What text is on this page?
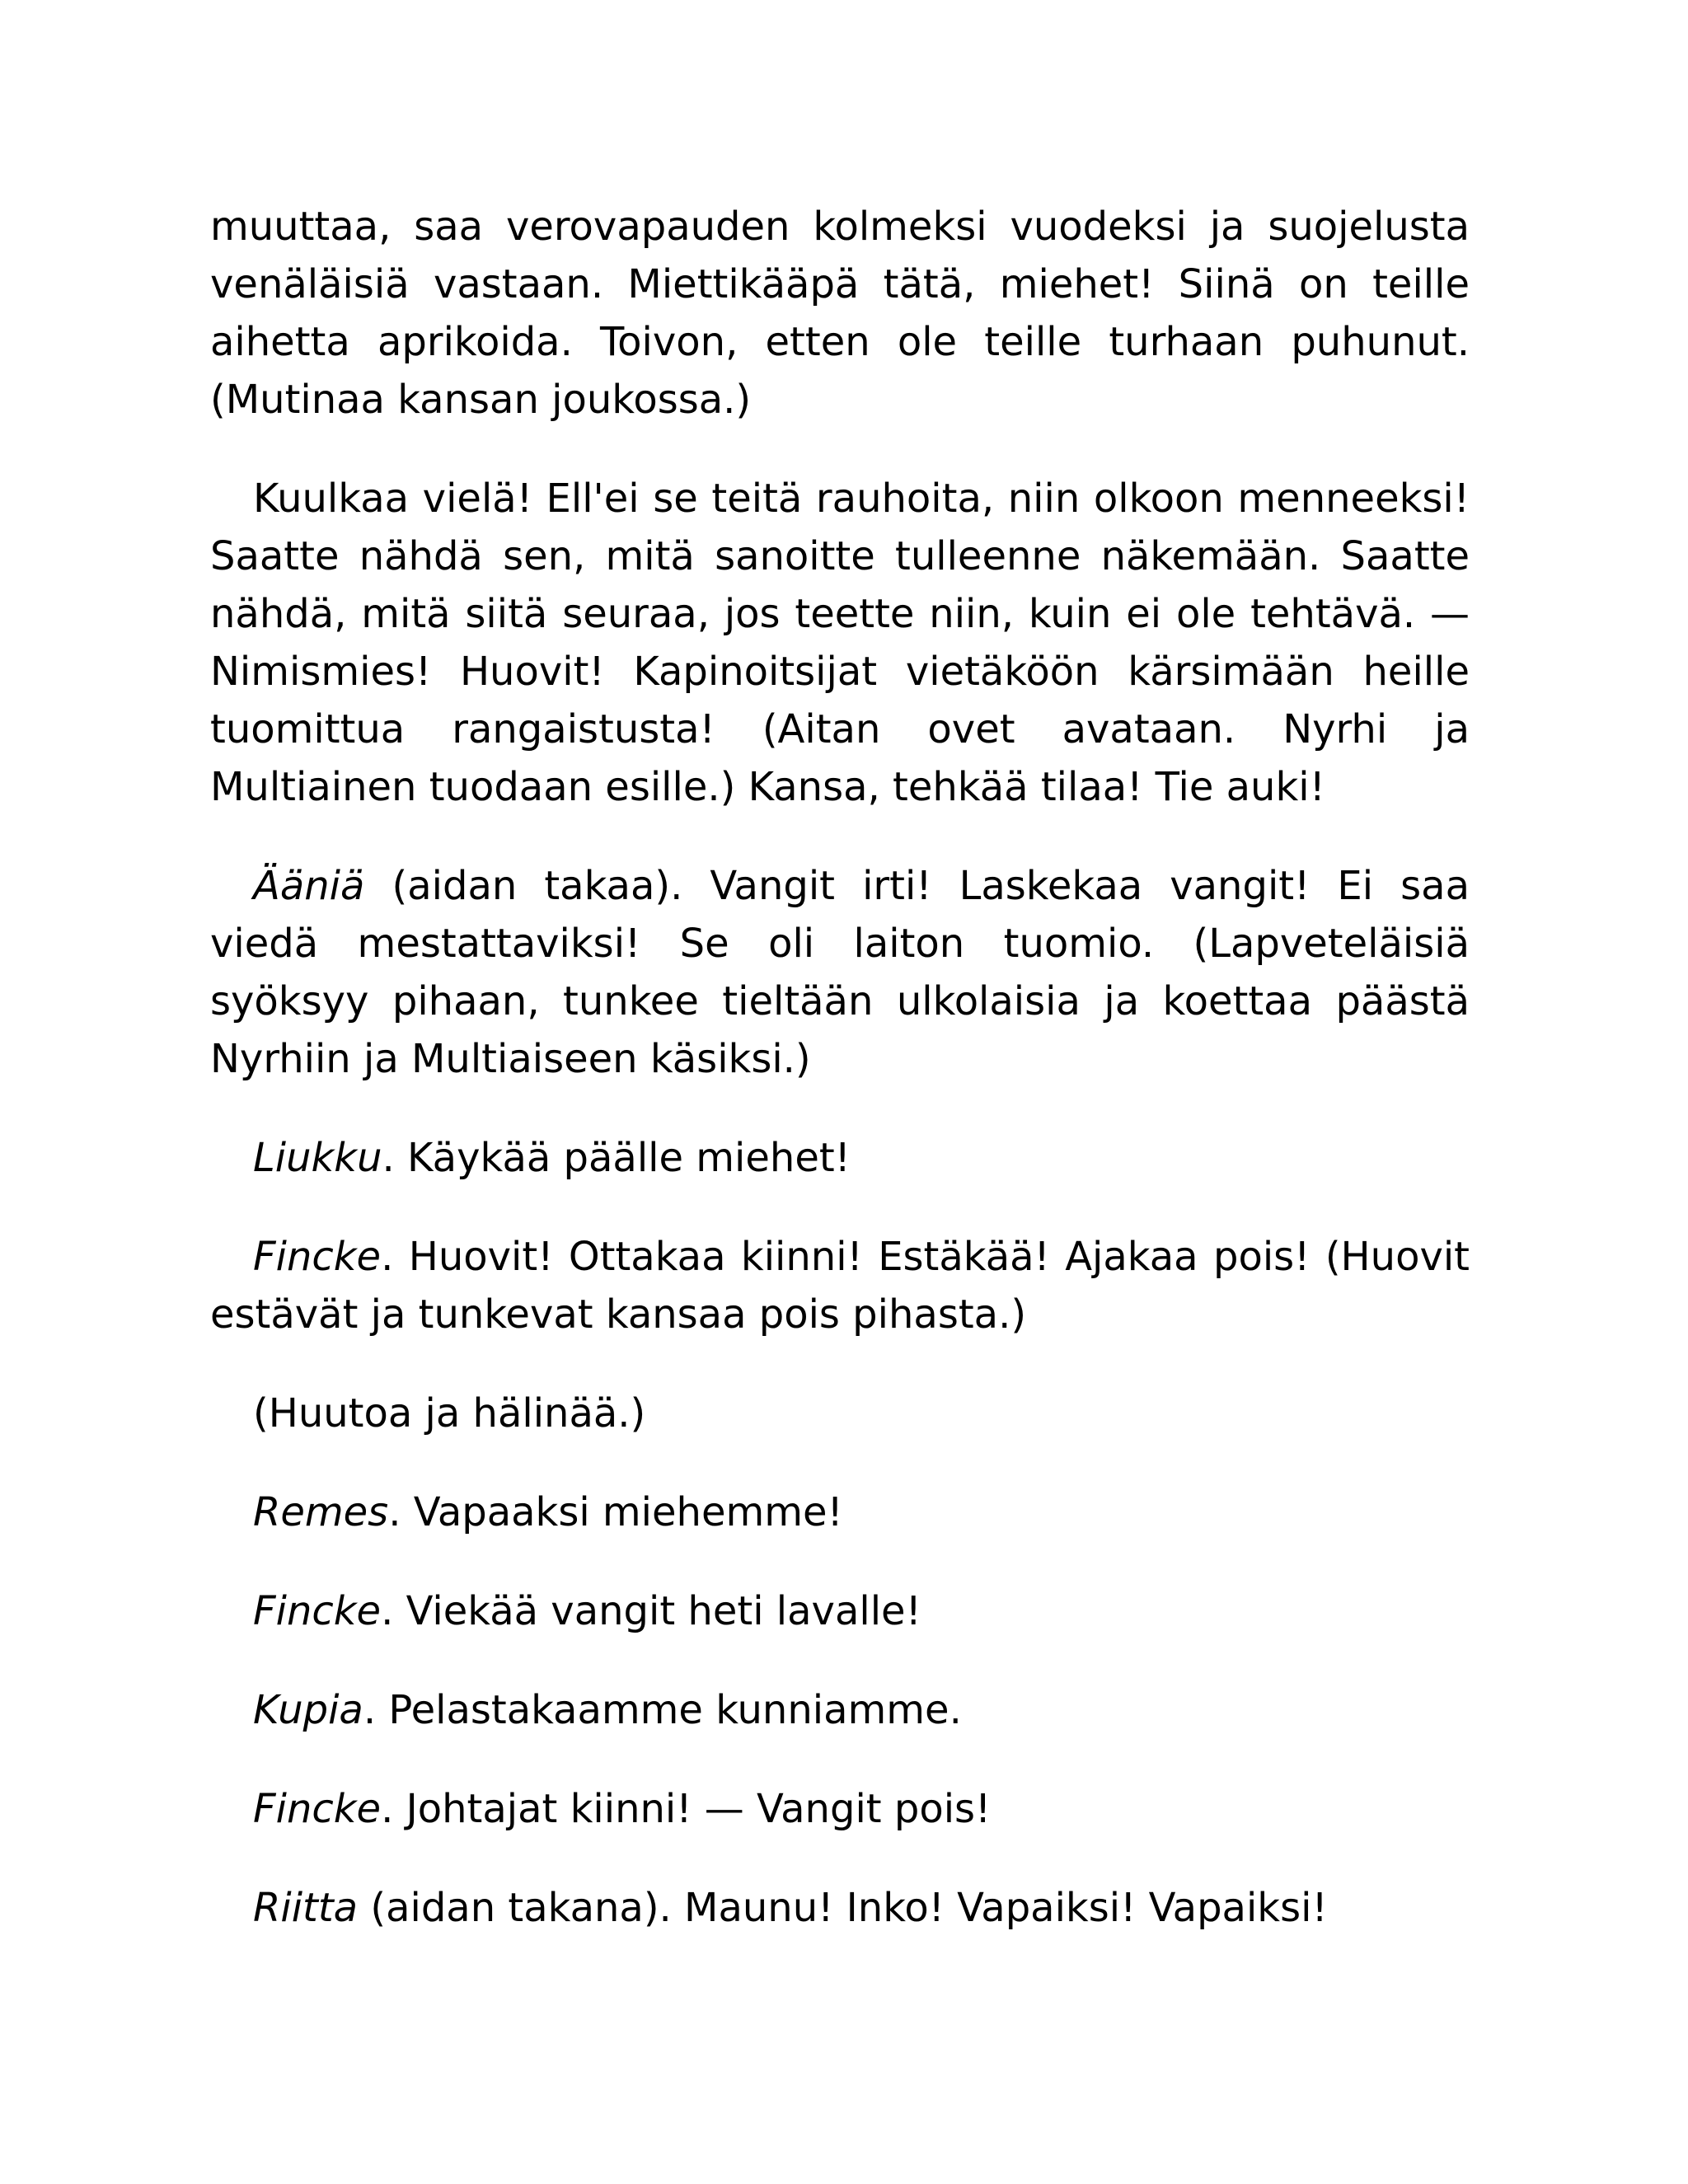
muuttaa, saa verovapauden kolmeksi vuodeksi ja suojelusta venäläisiä vastaan. Miettikääpä tätä, miehet! Siinä on teille aihetta aprikoida. Toivon, etten ole teille turhaan puhunut. (Mutinaa kansan joukossa.)

Kuulkaa vielä! Ell'ei se teitä rauhoita, niin olkoon menneeksi! Saatte nähdä sen, mitä sanoitte tulleenne näkemään. Saatte nähdä, mitä siitä seuraa, jos teette niin, kuin ei ole tehtävä. — Nimismies! Huovit! Kapinoitsijat vietäköön kärsimään heille tuomittua rangaistusta! (Aitan ovet avataan. Nyrhi ja Multiainen tuodaan esille.) Kansa, tehkää tilaa! Tie auki!

Ääniä (aidan takaa). Vangit irti! Laskekaa vangit! Ei saa viedä mestattaviksi! Se oli laiton tuomio. (Lapveteläisiä syöksyy pihaan, tunkee tieltään ulkolaisia ja koettaa päästä Nyrhiin ja Multiaiseen käsiksi.)

Liukku. Käykää päälle miehet!

Fincke. Huovit! Ottakaa kiinni! Estäkää! Ajakaa pois! (Huovit estävät ja tunkevat kansaa pois pihasta.)

(Huutoa ja hälinää.)

Remes. Vapaaksi miehemme!

Fincke. Viekää vangit heti lavalle!

Kupia. Pelastakaamme kunniamme.

Fincke. Johtajat kiinni! — Vangit pois!

Riitta (aidan takana). Maunu! Inko! Vapaiksi! Vapaiksi!
